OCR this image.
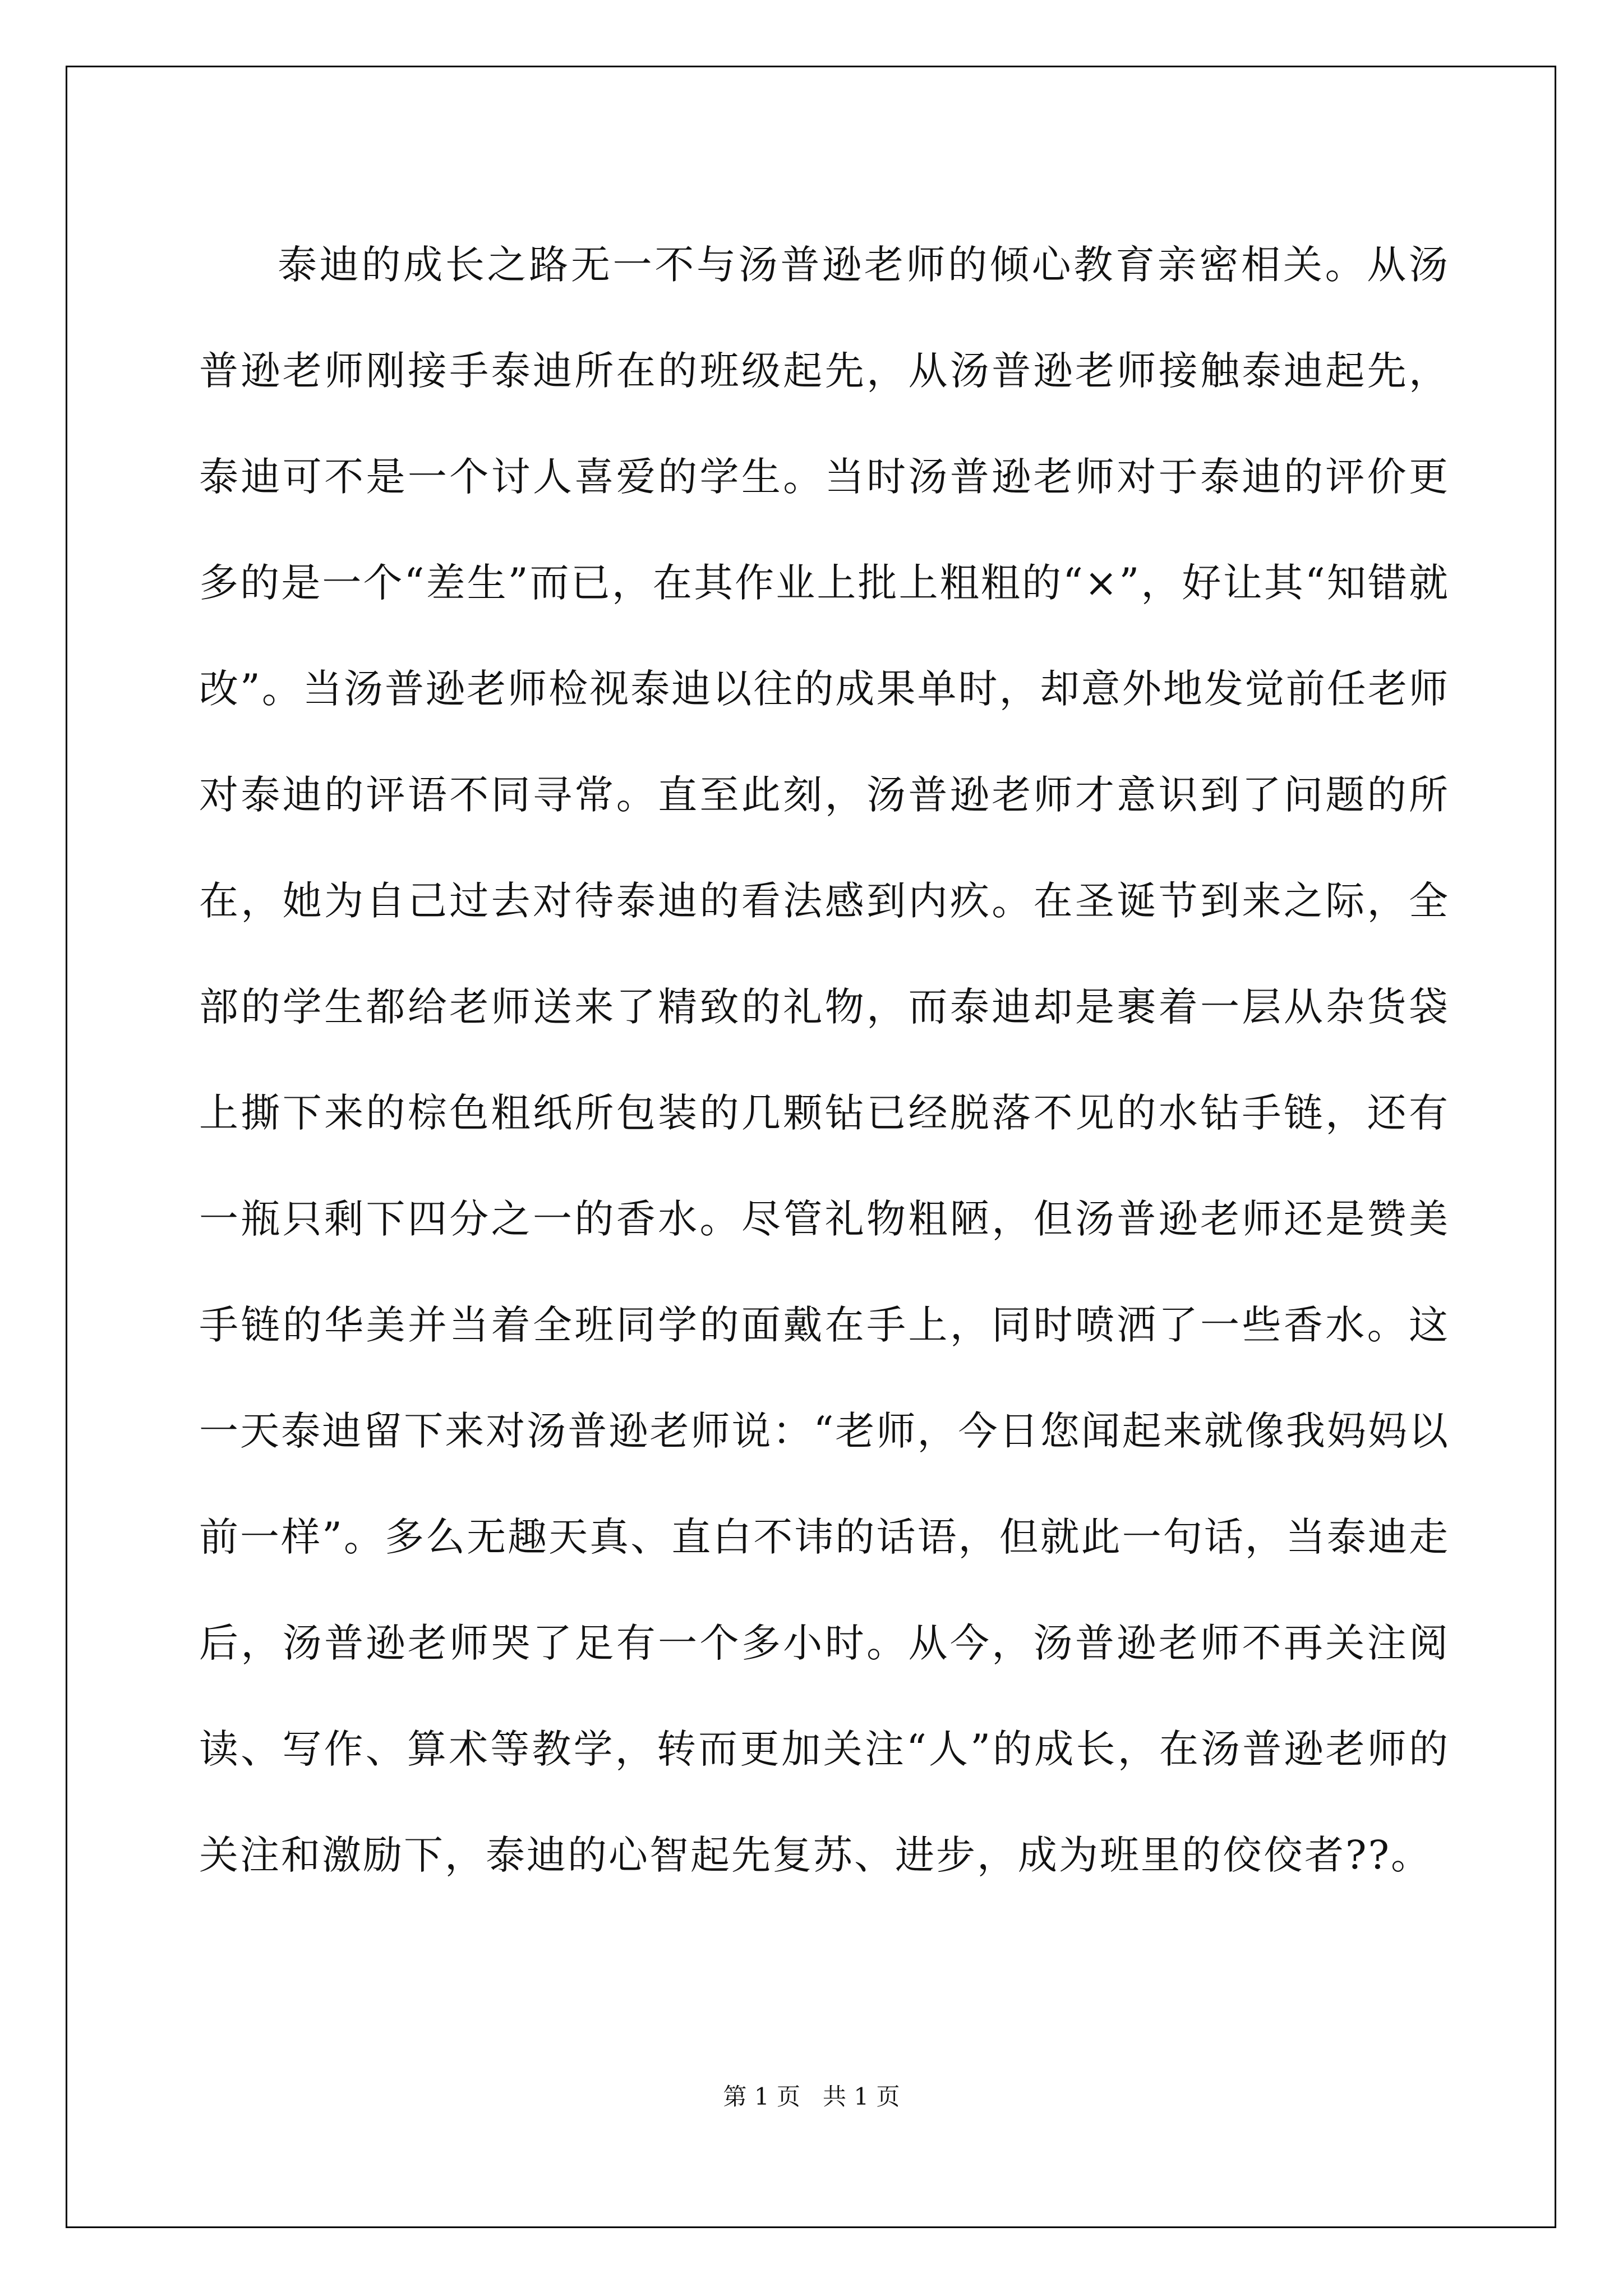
泰迪的成长之路无一不与汤普逊老师的倾心教育亲密相关。从汤普逊老师刚接手泰迪所在的班级起先，从汤普逊老师接触泰迪起先，泰迪可不是一个讨人喜爱的学生。当时汤普逊老师对于泰迪的评价更多的是一个“差生”而已，在其作业上批上粗粗的“×”，好让其“知错就改”。当汤普逊老师检视泰迪以往的成果单时，却意外地发觉前任老师对泰迪的评语不同寻常。直至此刻，汤普逊老师才意识到了问题的所在，她为自己过去对待泰迪的看法感到内疚。在圣诞节到来之际，全部的学生都给老师送来了精致的礼物，而泰迪却是裹着一层从杂货袋上撕下来的棕色粗纸所包装的几颗钻已经脱落不见的水钻手链，还有一瓶只剩下四分之一的香水。尽管礼物粗陋，但汤普逊老师还是赞美手链的华美并当着全班同学的面戴在手上，同时喷洒了一些香水。这一天泰迪留下来对汤普逊老师说：“老师，今日您闻起来就像我妈妈以前一样”。多么无趣天真、直白不讳的话语，但就此一句话，当泰迪走后，汤普逊老师哭了足有一个多小时。从今，汤普逊老师不再关注阅读、写作、算术等教学，转而更加关注“人”的成长，在汤普逊老师的关注和激励下，泰迪的心智起先复苏、进步，成为班里的佼佼者??。

第 1 页   共 1 页
